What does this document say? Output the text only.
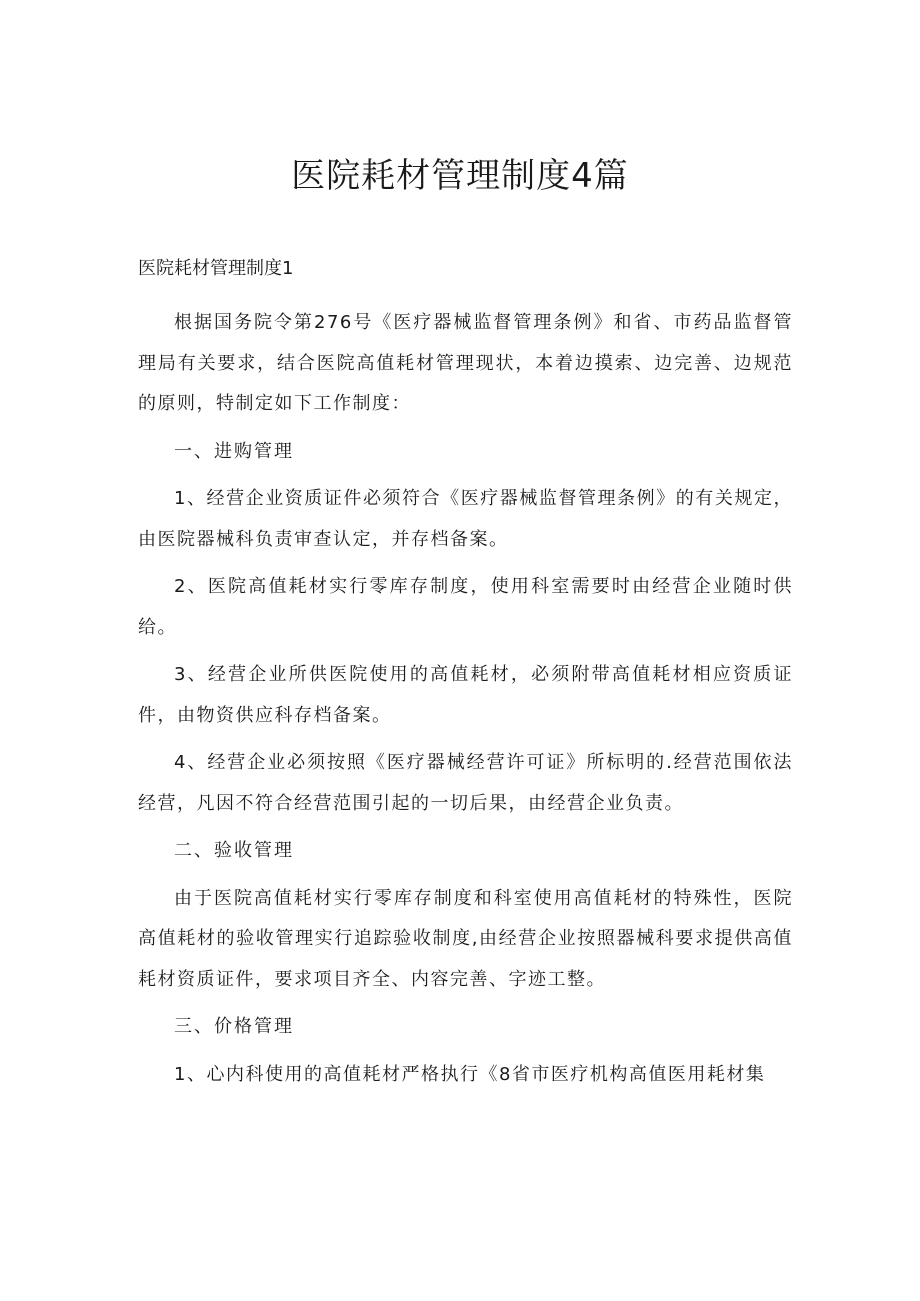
医院耗材管理制度4篇
医院耗材管理制度1

根据国务院令第276号《医疗器械监督管理条例》和省、市药品监督管理局有关要求，结合医院高值耗材管理现状，本着边摸索、边完善、边规范的原则，特制定如下工作制度：

一、进购管理

1、经营企业资质证件必须符合《医疗器械监督管理条例》的有关规定，由医院器械科负责审查认定，并存档备案。

2、医院高值耗材实行零库存制度，使用科室需要时由经营企业随时供给。

3、经营企业所供医院使用的高值耗材，必须附带高值耗材相应资质证件，由物资供应科存档备案。

4、经营企业必须按照《医疗器械经营许可证》所标明的.经营范围依法经营，凡因不符合经营范围引起的一切后果，由经营企业负责。

二、验收管理

由于医院高值耗材实行零库存制度和科室使用高值耗材的特殊性，医院高值耗材的验收管理实行追踪验收制度,由经营企业按照器械科要求提供高值耗材资质证件，要求项目齐全、内容完善、字迹工整。

三、价格管理

1、心内科使用的高值耗材严格执行《8省市医疗机构高值医用耗材集
